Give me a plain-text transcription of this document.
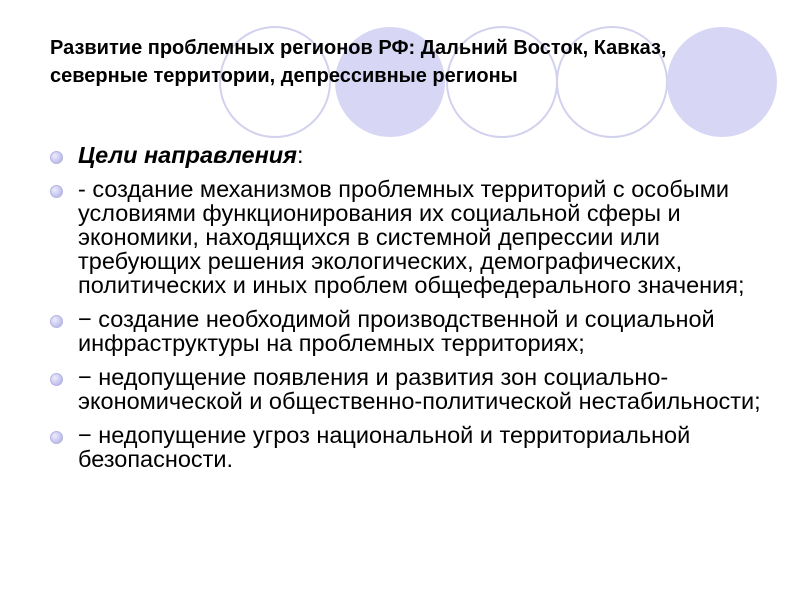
Развитие проблемных регионов РФ: Дальний Восток, Кавказ, северные территории, депрессивные регионы
Цели направления:
- создание механизмов проблемных территорий с особыми условиями функционирования их социальной сферы и экономики, находящихся в системной депрессии или требующих решения экологических, демографических, политических и иных проблем общефедерального значения;
− создание необходимой производственной и социальной инфраструктуры на проблемных территориях;
− недопущение появления и развития зон социально-экономической и общественно-политической нестабильности;
− недопущение угроз национальной и территориальной безопасности.
